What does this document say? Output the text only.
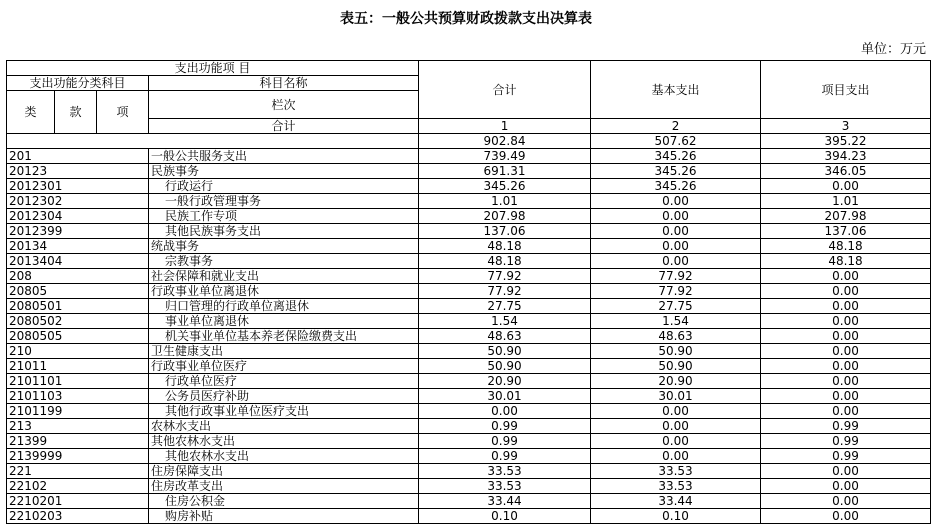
表五：一般公共预算财政拨款支出决算表
单位：万元
支出功能项 目				合计	基本支出	项目支出
支出功能分类科目			科目名称			
类	款	项	栏次			
			合计	1	2	3
				902.84	507.62	395.22
201			一般公共服务支出	739.49	345.26	394.23
20123			民族事务	691.31	345.26	346.05
2012301			行政运行	345.26	345.26	0.00
2012302			一般行政管理事务	1.01	0.00	1.01
2012304			民族工作专项	207.98	0.00	207.98
2012399			其他民族事务支出	137.06	0.00	137.06
20134			统战事务	48.18	0.00	48.18
2013404			宗教事务	48.18	0.00	48.18
208			社会保障和就业支出	77.92	77.92	0.00
20805			行政事业单位离退休	77.92	77.92	0.00
2080501			归口管理的行政单位离退休	27.75	27.75	0.00
2080502			事业单位离退休	1.54	1.54	0.00
2080505			机关事业单位基本养老保险缴费支出	48.63	48.63	0.00
210			卫生健康支出	50.90	50.90	0.00
21011			行政事业单位医疗	50.90	50.90	0.00
2101101			行政单位医疗	20.90	20.90	0.00
2101103			公务员医疗补助	30.01	30.01	0.00
2101199			其他行政事业单位医疗支出	0.00	0.00	0.00
213			农林水支出	0.99	0.00	0.99
21399			其他农林水支出	0.99	0.00	0.99
2139999			其他农林水支出	0.99	0.00	0.99
221			住房保障支出	33.53	33.53	0.00
22102			住房改革支出	33.53	33.53	0.00
2210201			住房公积金	33.44	33.44	0.00
2210203			购房补贴	0.10	0.10	0.00
